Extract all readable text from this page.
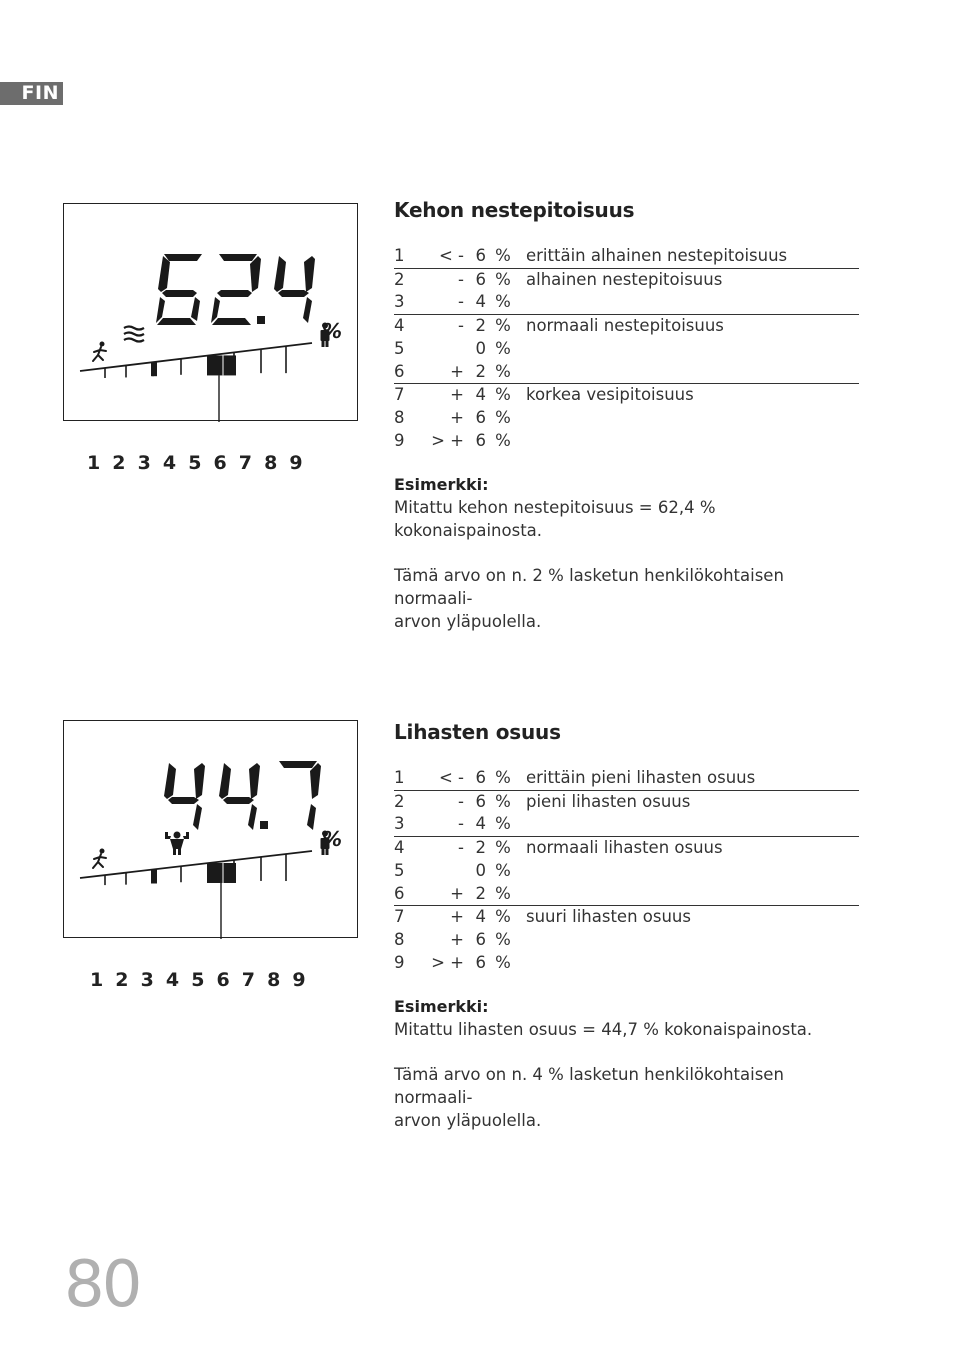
FIN
%
1 2 3 4 5 6 7 8 9
Kehon nestepitoisuus
1	< -	6	%	erittäin alhainen nestepitoisuus
2	-	6	%	alhainen nestepitoisuus
3	-	4	%	
4	-	2	%	normaali nestepitoisuus
5		0	%	
6	+	2	%	
7	+	4	%	korkea vesipitoisuus
8	+	6	%	
9	> +	6	%	

Esimerkki:

Mitattu kehon nestepitoisuus = 62,4 % kokonaispainosta.

Tämä arvo on n. 2 % lasketun henkilökohtaisen normaali-

arvon yläpuolella.

%
1 2 3 4 5 6 7 8 9
Lihasten osuus
1	< -	6	%	erittäin pieni lihasten osuus
2	-	6	%	pieni lihasten osuus
3	-	4	%	
4	-	2	%	normaali lihasten osuus
5		0	%	
6	+	2	%	
7	+	4	%	suuri lihasten osuus
8	+	6	%	
9	> +	6	%	

Esimerkki:

Mitattu lihasten osuus = 44,7 % kokonaispainosta.

Tämä arvo on n. 4 % lasketun henkilökohtaisen normaali-

arvon yläpuolella.

80
